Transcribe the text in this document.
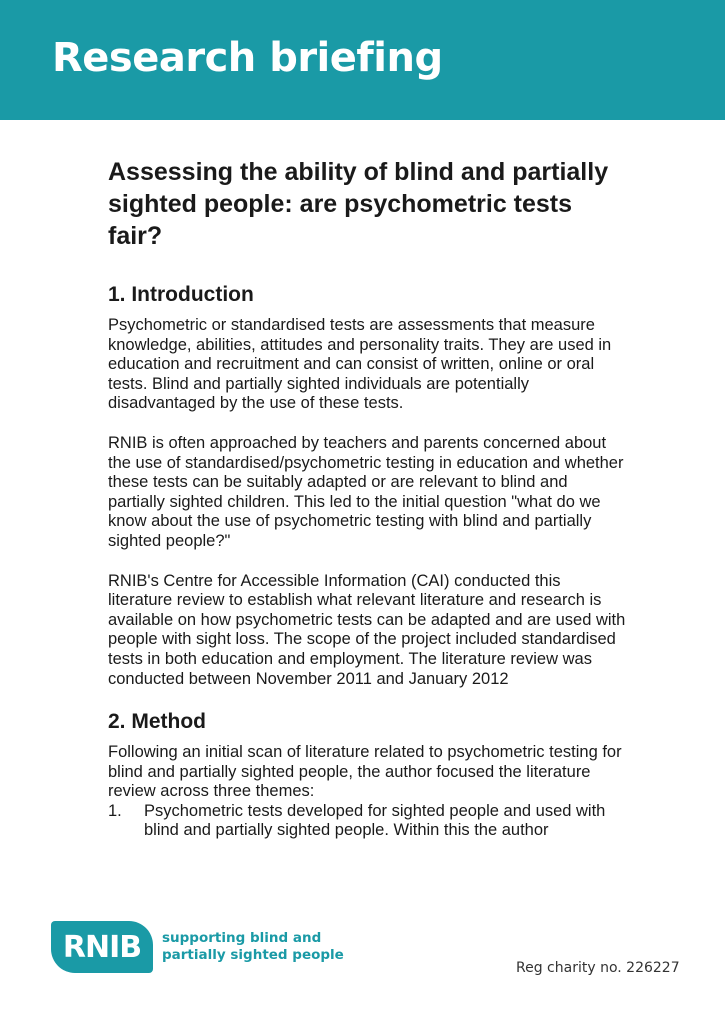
Research briefing
Assessing the ability of blind and partially sighted people: are psychometric tests fair?
1. Introduction

Psychometric or standardised tests are assessments that measure knowledge, abilities, attitudes and personality traits. They are used in education and recruitment and can consist of written, online or oral tests. Blind and partially sighted individuals are potentially disadvantaged by the use of these tests.

RNIB is often approached by teachers and parents concerned about the use of standardised/psychometric testing in education and whether these tests can be suitably adapted or are relevant to blind and partially sighted children. This led to the initial question "what do we know about the use of psychometric testing with blind and partially sighted people?"

RNIB's Centre for Accessible Information (CAI) conducted this literature review to establish what relevant literature and research is available on how psychometric tests can be adapted and are used with people with sight loss. The scope of the project included standardised tests in both education and employment. The literature review was conducted between November 2011 and January 2012

2. Method

Following an initial scan of literature related to psychometric testing for blind and partially sighted people, the author focused the literature review across three themes:

1.	Psychometric tests developed for sighted people and used with blind and partially sighted people. Within this the author
RNIB supporting blind and
partially sighted people
Reg charity no. 226227
